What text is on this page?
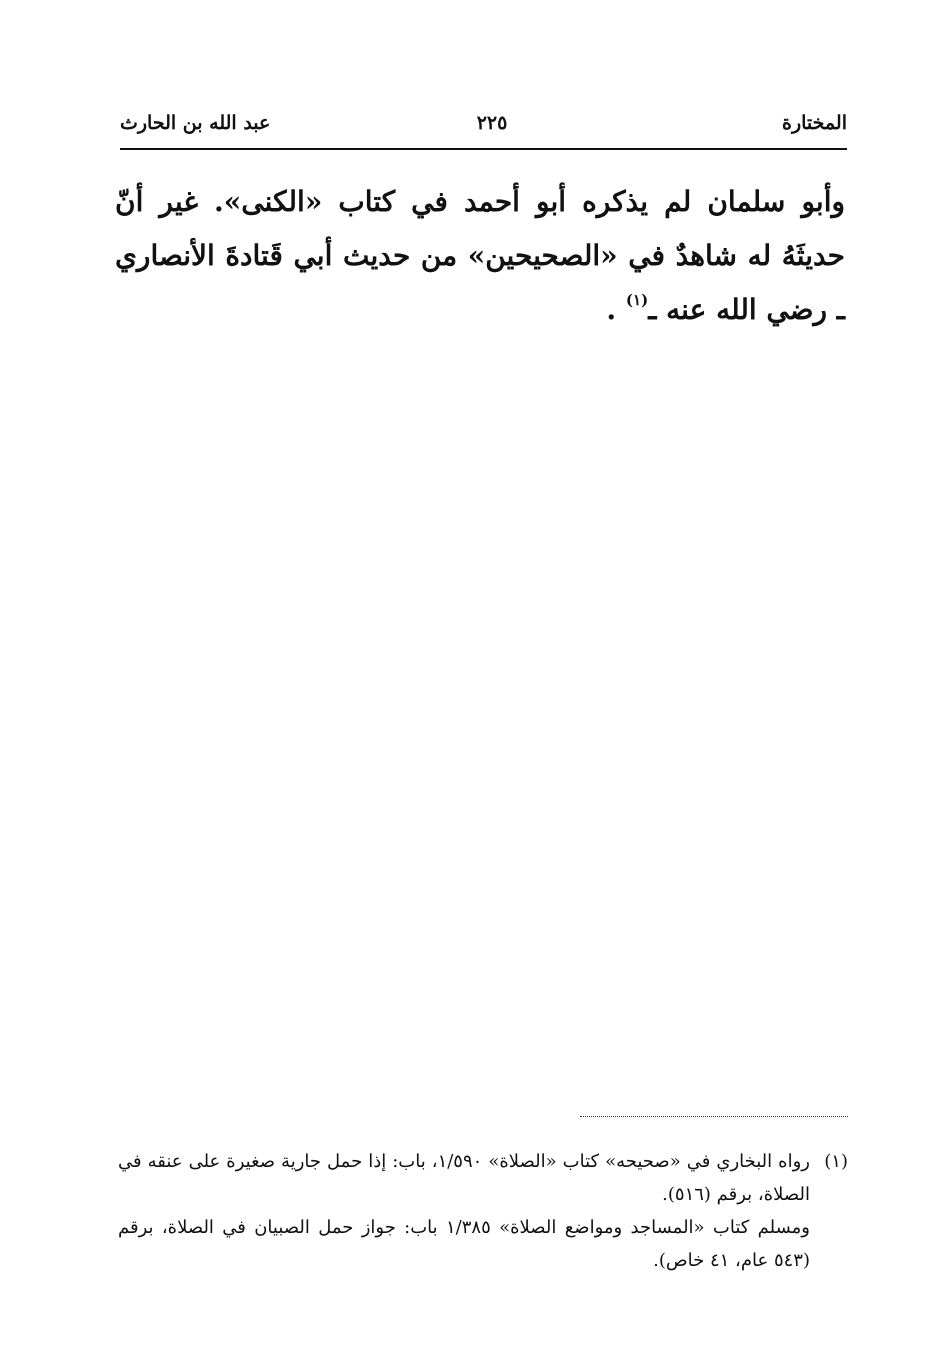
المختارة
٢٢٥
عبد الله بن الحارث
وأبو سلمان لم يذكره أبو أحمد في كتاب «الكنى». غير أنّ حديثَهُ له شاهدٌ في «الصحيحين» من حديث أبي قَتادةَ الأنصاري ـ رضي الله عنه ـ$^{(١)}$ .
(١)
رواه البخاري في «صحيحه» كتاب «الصلاة» ١/٥٩٠، باب: إذا حمل جارية صغيرة على عنقه في الصلاة، برقم (٥١٦).
ومسلم كتاب «المساجد ومواضع الصلاة» ١/٣٨٥ باب: جواز حمل الصبيان في الصلاة، برقم (٥٤٣ عام، ٤١ خاص).
